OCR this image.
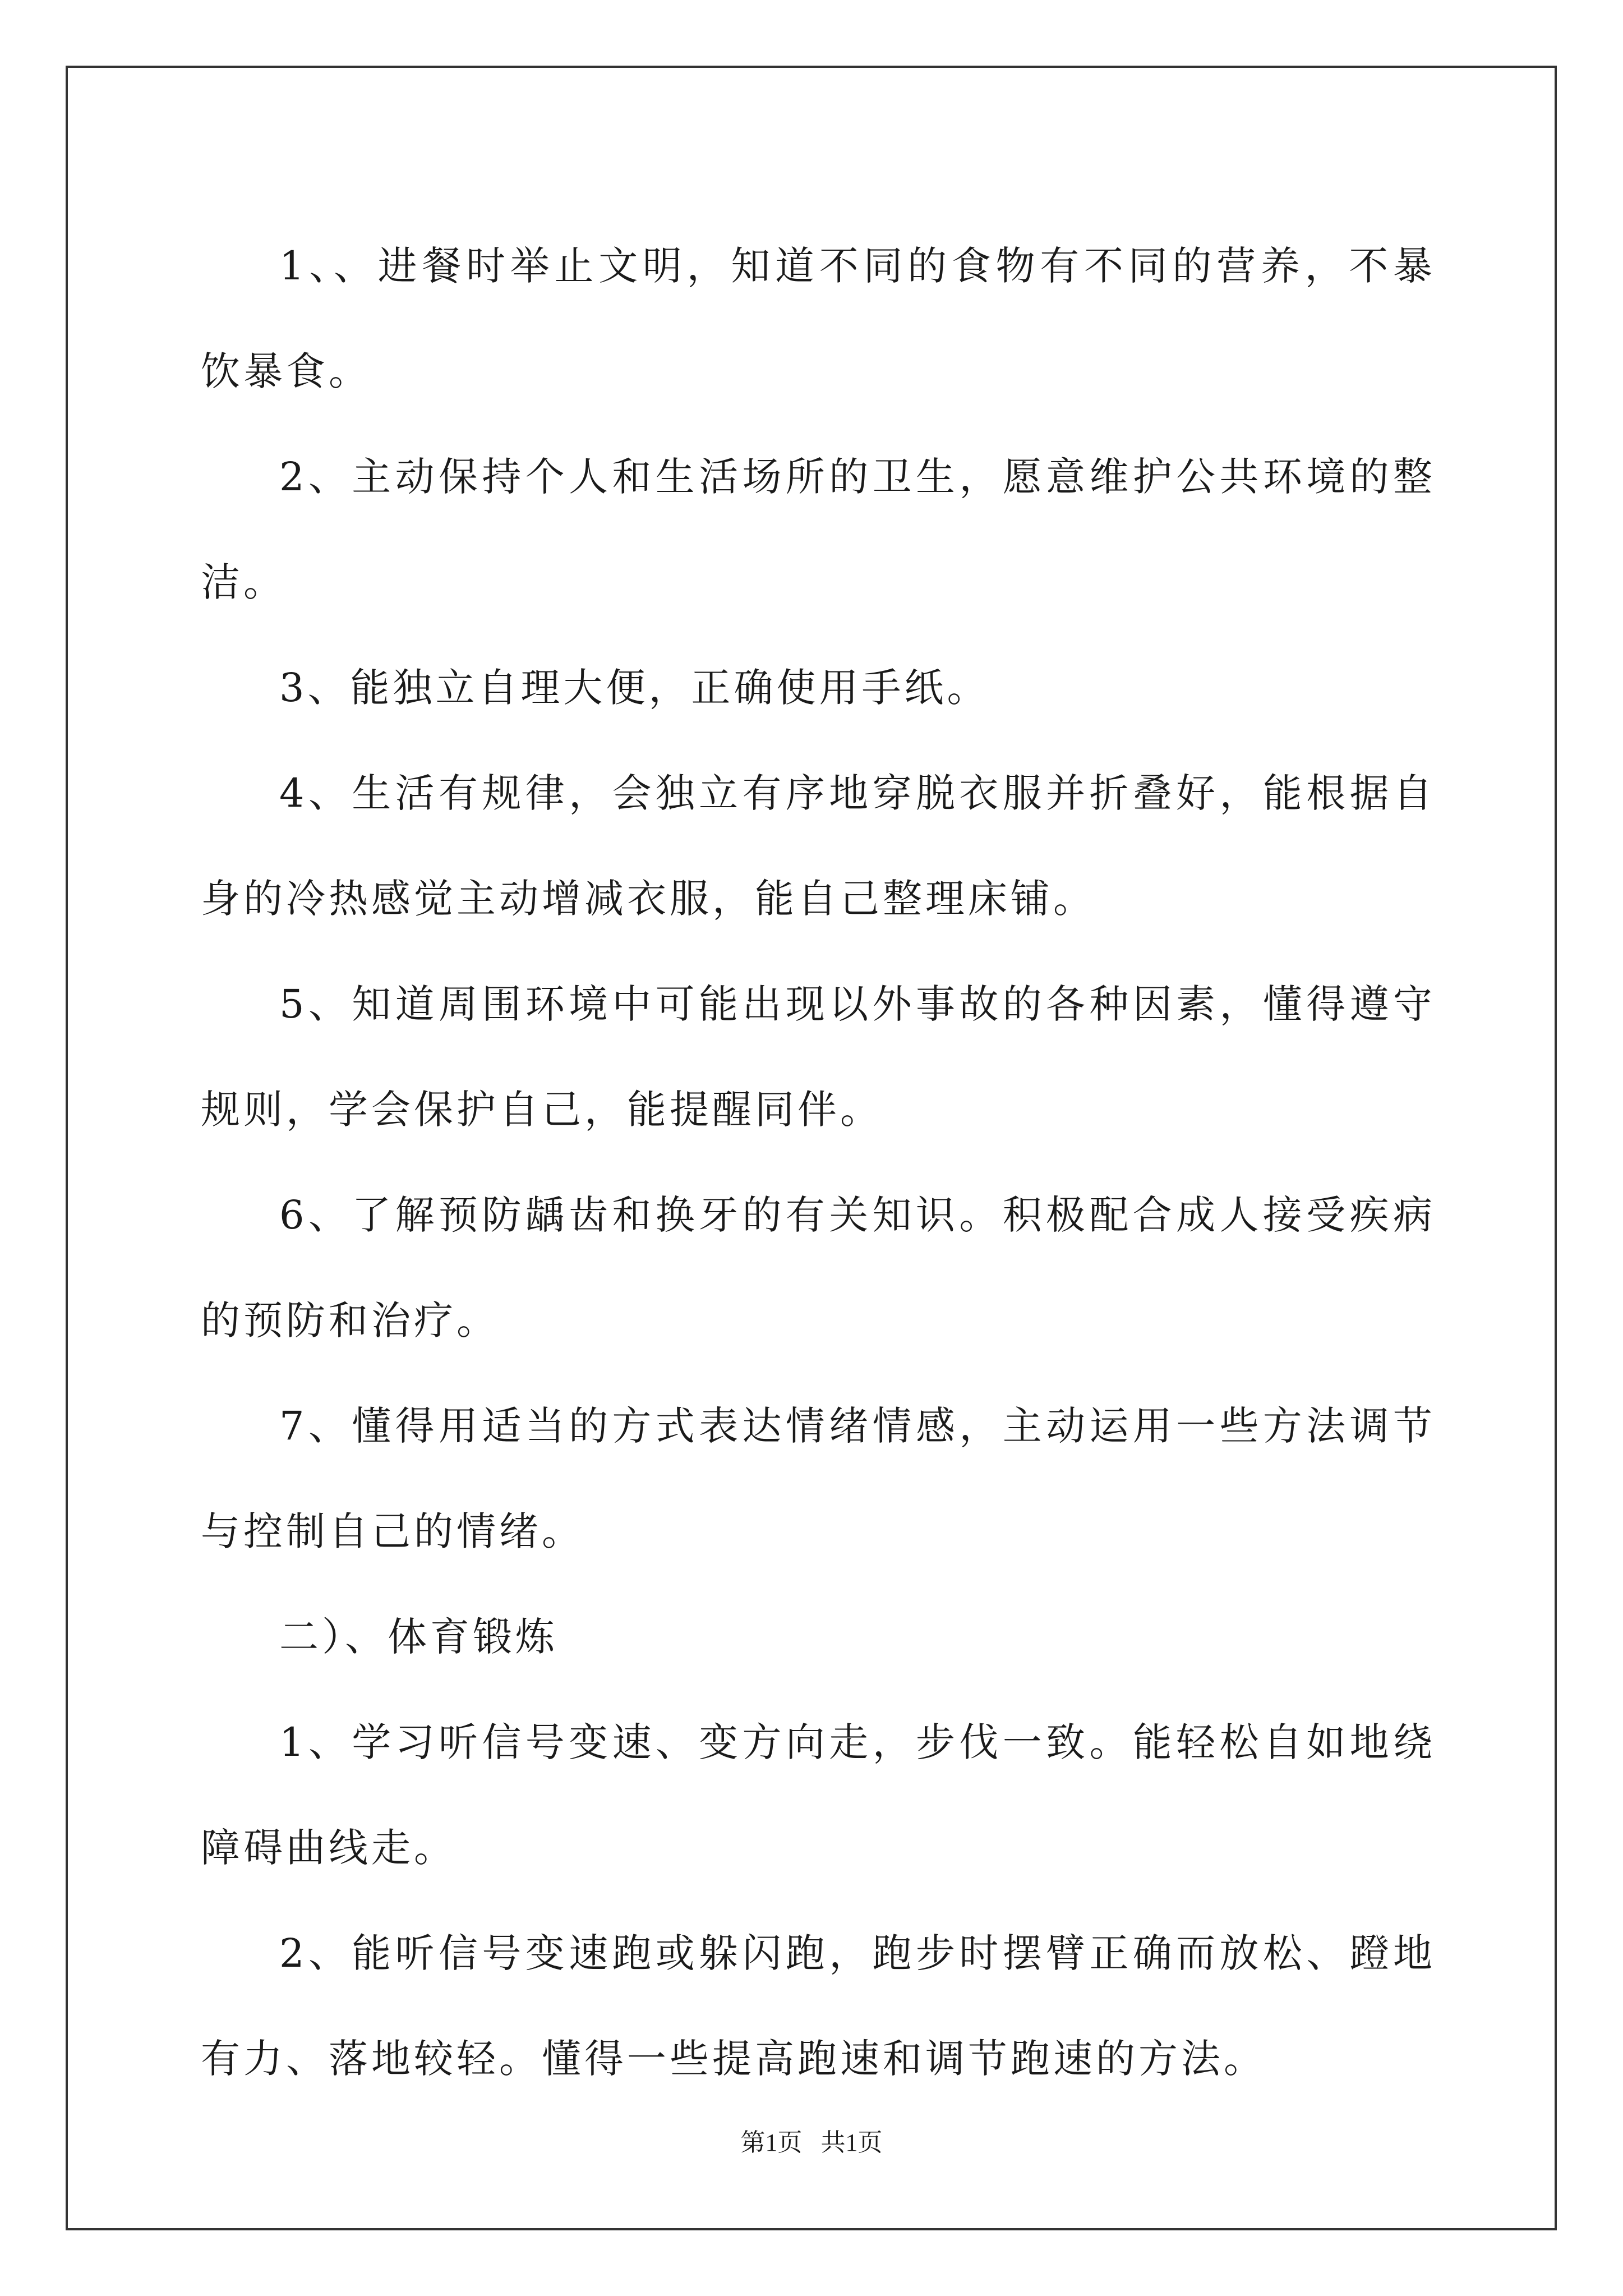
1、、进餐时举止文明，知道不同的食物有不同的营养，不暴饮暴食。

2、主动保持个人和生活场所的卫生，愿意维护公共环境的整洁。

3、能独立自理大便，正确使用手纸。

4、生活有规律，会独立有序地穿脱衣服并折叠好，能根据自身的冷热感觉主动增减衣服，能自己整理床铺。

5、知道周围环境中可能出现以外事故的各种因素，懂得遵守规则，学会保护自己，能提醒同伴。

6、了解预防龋齿和换牙的有关知识。积极配合成人接受疾病的预防和治疗。

7、懂得用适当的方式表达情绪情感，主动运用一些方法调节与控制自己的情绪。

二）、体育锻炼

1、学习听信号变速、变方向走，步伐一致。能轻松自如地绕障碍曲线走。

2、能听信号变速跑或躲闪跑，跑步时摆臂正确而放松、蹬地有力、落地较轻。懂得一些提高跑速和调节跑速的方法。

第1页   共1页
